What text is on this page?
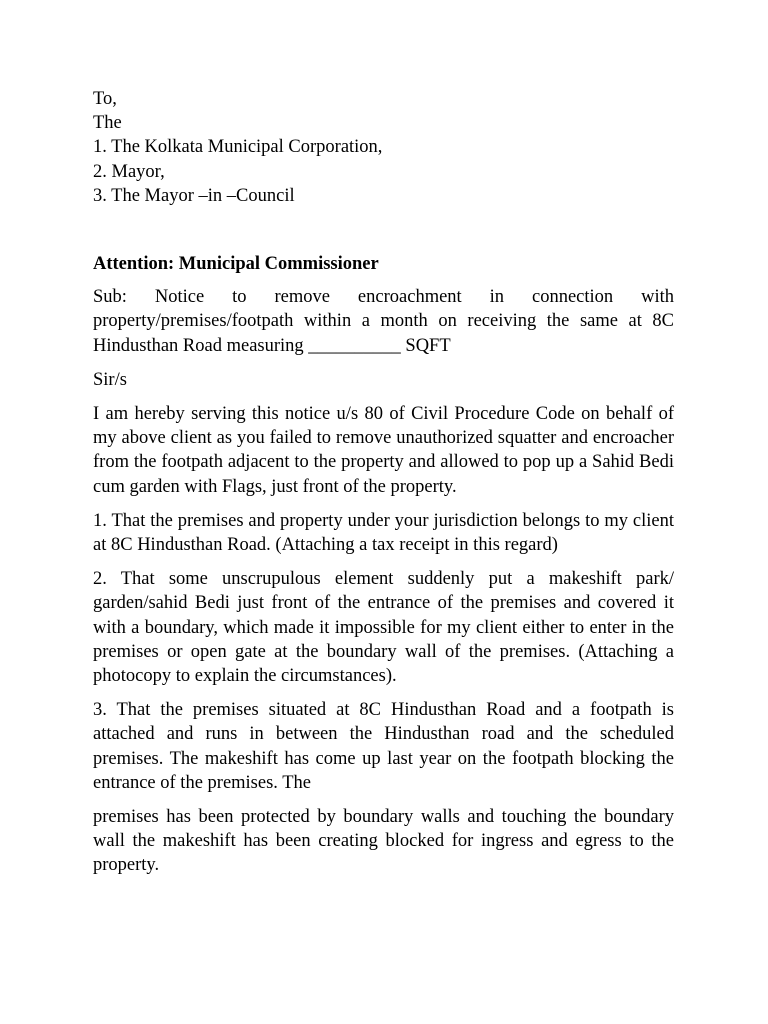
To,
The
1. The Kolkata Municipal Corporation,
2. Mayor,
3. The Mayor –in –Council
Attention: Municipal Commissioner
Sub: Notice to remove encroachment in connection with property/premises/footpath within a month on receiving the same at 8C Hindusthan Road measuring __________ SQFT
Sir/s
I am hereby serving this notice u/s 80 of Civil Procedure Code on behalf of my above client as you failed to remove unauthorized squatter and encroacher from the footpath adjacent to the property and allowed to pop up a Sahid Bedi cum garden with Flags, just front of the property.
1. That the premises and property under your jurisdiction belongs to my client at 8C Hindusthan Road. (Attaching a tax receipt in this regard)
2. That some unscrupulous element suddenly put a makeshift park/ garden/sahid Bedi just front of the entrance of the premises and covered it with a boundary, which made it impossible for my client either to enter in the premises or open gate at the boundary wall of the premises. (Attaching a photocopy to explain the circumstances).
3. That the premises situated at 8C Hindusthan Road and a footpath is attached and runs in between the Hindusthan road and the scheduled premises. The makeshift has come up last year on the footpath blocking the entrance of the premises. The
premises has been protected by boundary walls and touching the boundary wall the makeshift has been creating blocked for ingress and egress to the property.
